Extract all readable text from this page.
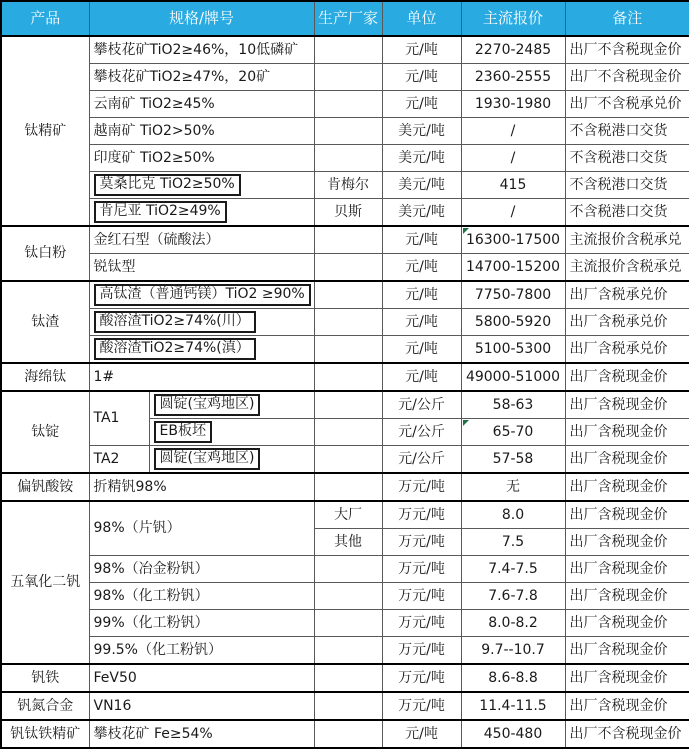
产品	规格/牌号		生产厂家	单位	主流报价	备注
钛精矿	攀枝花矿TiO2≥46%，10低磷矿			元/吨	2270-2485	出厂不含税现金价
	攀枝花矿TiO2≥47%，20矿			元/吨	2360-2555	出厂不含税现金价
	云南矿 TiO2≥45%			元/吨	1930-1980	出厂不含税承兑价
	越南矿 TiO2>50%			美元/吨	/	不含税港口交货
	印度矿 TiO2≥50%			美元/吨	/	不含税港口交货
	莫桑比克 TiO2≥50%		肯梅尔	美元/吨	415	不含税港口交货
	肯尼亚 TiO2≥49%		贝斯	美元/吨	/	不含税港口交货
钛白粉	金红石型（硫酸法）			元/吨	16300-17500	主流报价含税承兑
	锐钛型			元/吨	14700-15200	主流报价含税承兑
钛渣	高钛渣（普通钙镁）TiO2 ≥90%			元/吨	7750-7800	出厂含税承兑价
	酸溶渣TiO2≥74%(川）			元/吨	5800-5920	出厂含税承兑价
	酸溶渣TiO2≥74%(滇）			元/吨	5100-5300	出厂含税承兑价
海绵钛	1#			元/吨	49000-51000	出厂含税现金价
钛锭	TA1	圆锭(宝鸡地区)		元/公斤	58-63	出厂含税现金价
		EB板坯		元/公斤	65-70	出厂含税现金价
	TA2	圆锭(宝鸡地区)		元/公斤	57-58	出厂含税现金价
偏钒酸铵	折精钒98%			万元/吨	无	出厂含税现金价
五氧化二钒	98%（片钒）		大厂	万元/吨	8.0	出厂含税现金价
			其他	万元/吨	7.5	出厂含税现金价
	98%（冶金粉钒）			万元/吨	7.4-7.5	出厂含税现金价
	98%（化工粉钒）			万元/吨	7.6-7.8	出厂含税现金价
	99%（化工粉钒）			万元/吨	8.0-8.2	出厂含税现金价
	99.5%（化工粉钒）			万元/吨	9.7--10.7	出厂含税现金价
钒铁	FeV50			万元/吨	8.6-8.8	出厂含税现金价
钒氮合金	VN16			万元/吨	11.4-11.5	出厂含税现金价
钒钛铁精矿	攀枝花矿 Fe≥54%			元/吨	450-480	出厂不含税现金价
